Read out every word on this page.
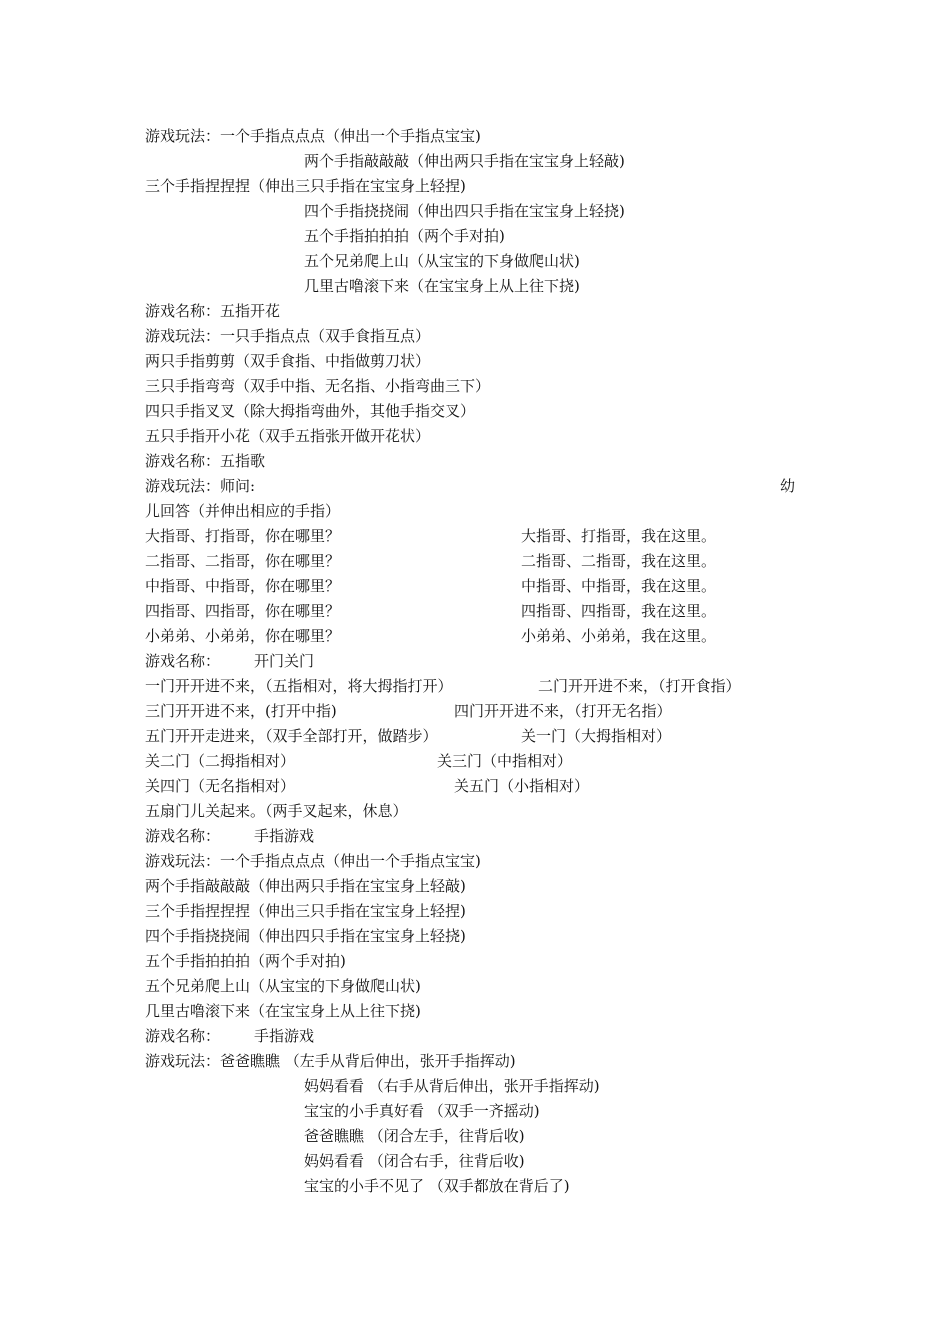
游戏玩法：一个手指点点点（伸出一个手指点宝宝)
两个手指敲敲敲（伸出两只手指在宝宝身上轻敲)
三个手指捏捏捏（伸出三只手指在宝宝身上轻捏)
四个手指挠挠闹（伸出四只手指在宝宝身上轻挠)
五个手指拍拍拍（两个手对拍)
五个兄弟爬上山（从宝宝的下身做爬山状)
几里古噜滚下来（在宝宝身上从上往下挠)
游戏名称：五指开花
游戏玩法：一只手指点点（双手食指互点）
两只手指剪剪（双手食指、中指做剪刀状）
三只手指弯弯（双手中指、无名指、小指弯曲三下）
四只手指叉叉（除大拇指弯曲外，其他手指交叉）
五只手指开小花（双手五指张开做开花状）
游戏名称：五指歌
游戏玩法：师问:	幼
儿回答（并伸出相应的手指）
大指哥、打指哥，你在哪里？	大指哥、打指哥，我在这里。
二指哥、二指哥，你在哪里？	二指哥、二指哥，我在这里。
中指哥、中指哥，你在哪里？	中指哥、中指哥，我在这里。
四指哥、四指哥，你在哪里？	四指哥、四指哥，我在这里。
小弟弟、小弟弟，你在哪里？	小弟弟、小弟弟，我在这里。
游戏名称： 开门关门
一门开开进不来，（五指相对，将大拇指打开）	二门开开进不来，（打开食指）
三门开开进不来，(打开中指)	四门开开进不来，（打开无名指）
五门开开走进来，（双手全部打开，做踏步）	关一门（大拇指相对）
关二门（二拇指相对）	关三门（中指相对）
关四门（无名指相对）	关五门（小指相对）
五扇门儿关起来。（两手叉起来，休息）
游戏名称： 手指游戏
游戏玩法：一个手指点点点（伸出一个手指点宝宝)
两个手指敲敲敲（伸出两只手指在宝宝身上轻敲)
三个手指捏捏捏（伸出三只手指在宝宝身上轻捏)
四个手指挠挠闹（伸出四只手指在宝宝身上轻挠)
五个手指拍拍拍（两个手对拍)
五个兄弟爬上山（从宝宝的下身做爬山状)
几里古噜滚下来（在宝宝身上从上往下挠)
游戏名称： 手指游戏
游戏玩法：爸爸瞧瞧 （左手从背后伸出，张开手指挥动)
妈妈看看 （右手从背后伸出，张开手指挥动)
宝宝的小手真好看 （双手一齐摇动)
爸爸瞧瞧 （闭合左手，往背后收)
妈妈看看 （闭合右手，往背后收)
宝宝的小手不见了 （双手都放在背后了)
